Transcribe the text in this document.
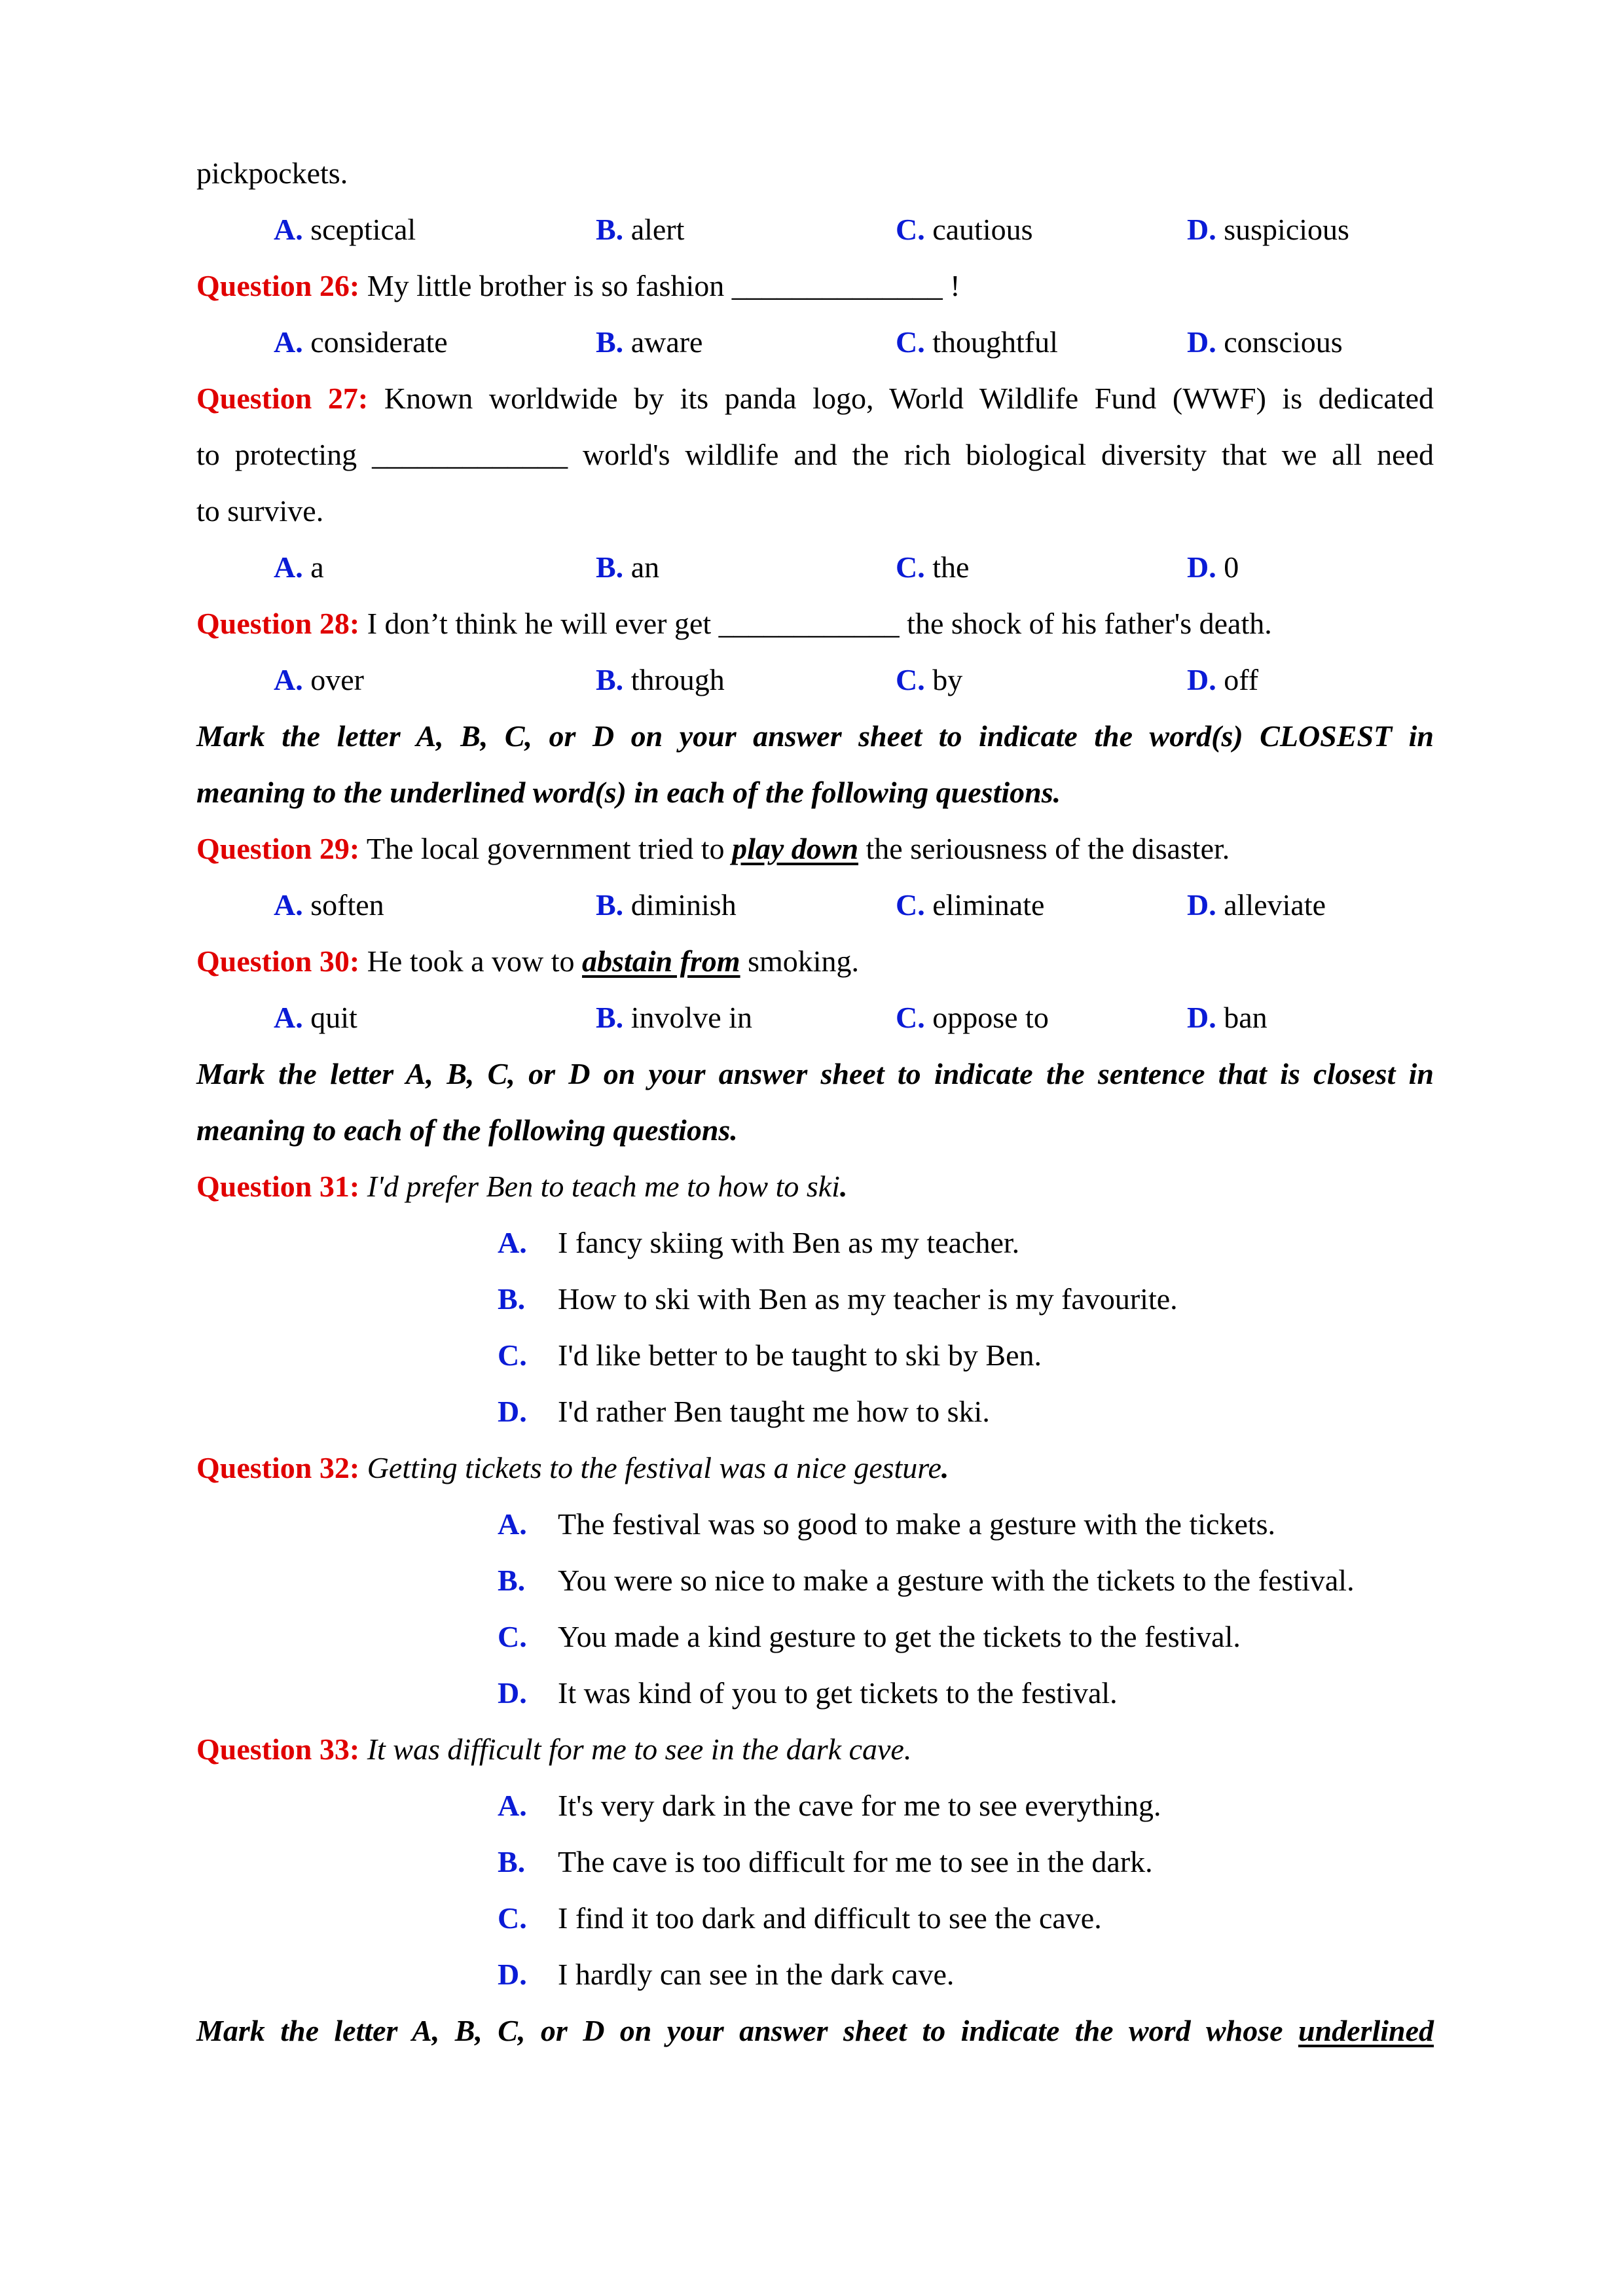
pickpockets.
A. sceptical	B. alert	C. cautious	D. suspicious
Question 26: My little brother is so fashion ______________ !
A. considerate	B. aware	C. thoughtful	D. conscious
Question 27: Known worldwide by its panda logo, World Wildlife Fund (WWF) is dedicated
to protecting _____________ world's wildlife and the rich biological diversity that we all need
to survive.
A. a	B. an	C. the	D. 0
Question 28: I don’t think he will ever get ____________ the shock of his father's death.
A. over	B. through	C. by	D. off
Mark the letter A, B, C, or D on your answer sheet to indicate the word(s) CLOSEST in
meaning to the underlined word(s) in each of the following questions.
Question 29: The local government tried to play down the seriousness of the disaster.
A. soften	B. diminish	C. eliminate	D. alleviate
Question 30: He took a vow to abstain from smoking.
A. quit	B. involve in	C. oppose to	D. ban
Mark the letter A, B, C, or D on your answer sheet to indicate the sentence that is closest in
meaning to each of the following questions.
Question 31: I'd prefer Ben to teach me to how to ski.
A. I fancy skiing with Ben as my teacher.
B. How to ski with Ben as my teacher is my favourite.
C. I'd like better to be taught to ski by Ben.
D. I'd rather Ben taught me how to ski.
Question 32: Getting tickets to the festival was a nice gesture.
A. The festival was so good to make a gesture with the tickets.
B. You were so nice to make a gesture with the tickets to the festival.
C. You made a kind gesture to get the tickets to the festival.
D. It was kind of you to get tickets to the festival.
Question 33: It was difficult for me to see in the dark cave.
A. It's very dark in the cave for me to see everything.
B. The cave is too difficult for me to see in the dark.
C. I find it too dark and difficult to see the cave.
D. I hardly can see in the dark cave.
Mark the letter A, B, C, or D on your answer sheet to indicate the word whose underlined
